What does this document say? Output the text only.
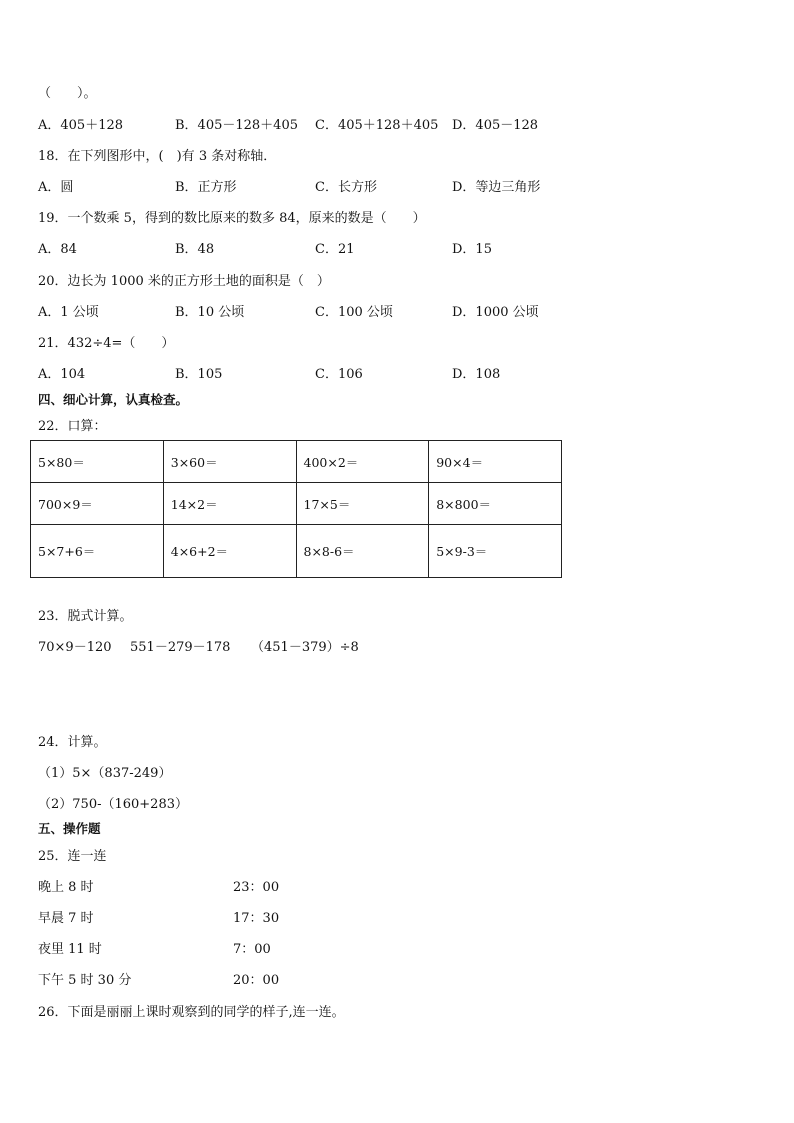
（　　）。
A．405＋128	B．405－128＋405 C．405＋128＋405 D．405－128
18．在下列图形中，(　)有 3 条对称轴．
A．圆	B．正方形	C．长方形	D．等边三角形
19．一个数乘 5，得到的数比原来的数多 84，原来的数是（　　）
A．84	B．48	C．21	D．15
20．边长为 1000 米的正方形土地的面积是（　）
A．1 公顷	B．10 公顷	C．100 公顷	D．1000 公顷
21．432÷4=（　　）
A．104	B．105	C．106	D．108
四、细心计算，认真检查。
22．口算：
5×80＝	3×60＝	400×2＝	90×4＝
700×9＝	14×2＝	17×5＝	8×800＝
5×7+6＝	4×6+2＝	8×8-6＝	5×9-3＝
23．脱式计算。
70×9－120 551－279－178 （451－379）÷8
24．计算。
（1）5×（837-249）
（2）750-（160+283）
五、操作题
25．连一连
晚上 8 时	23：00
早晨 7 时	17：30
夜里 11 时	7：00
下午 5 时 30 分	20：00
26．下面是丽丽上课时观察到的同学的样子,连一连。
